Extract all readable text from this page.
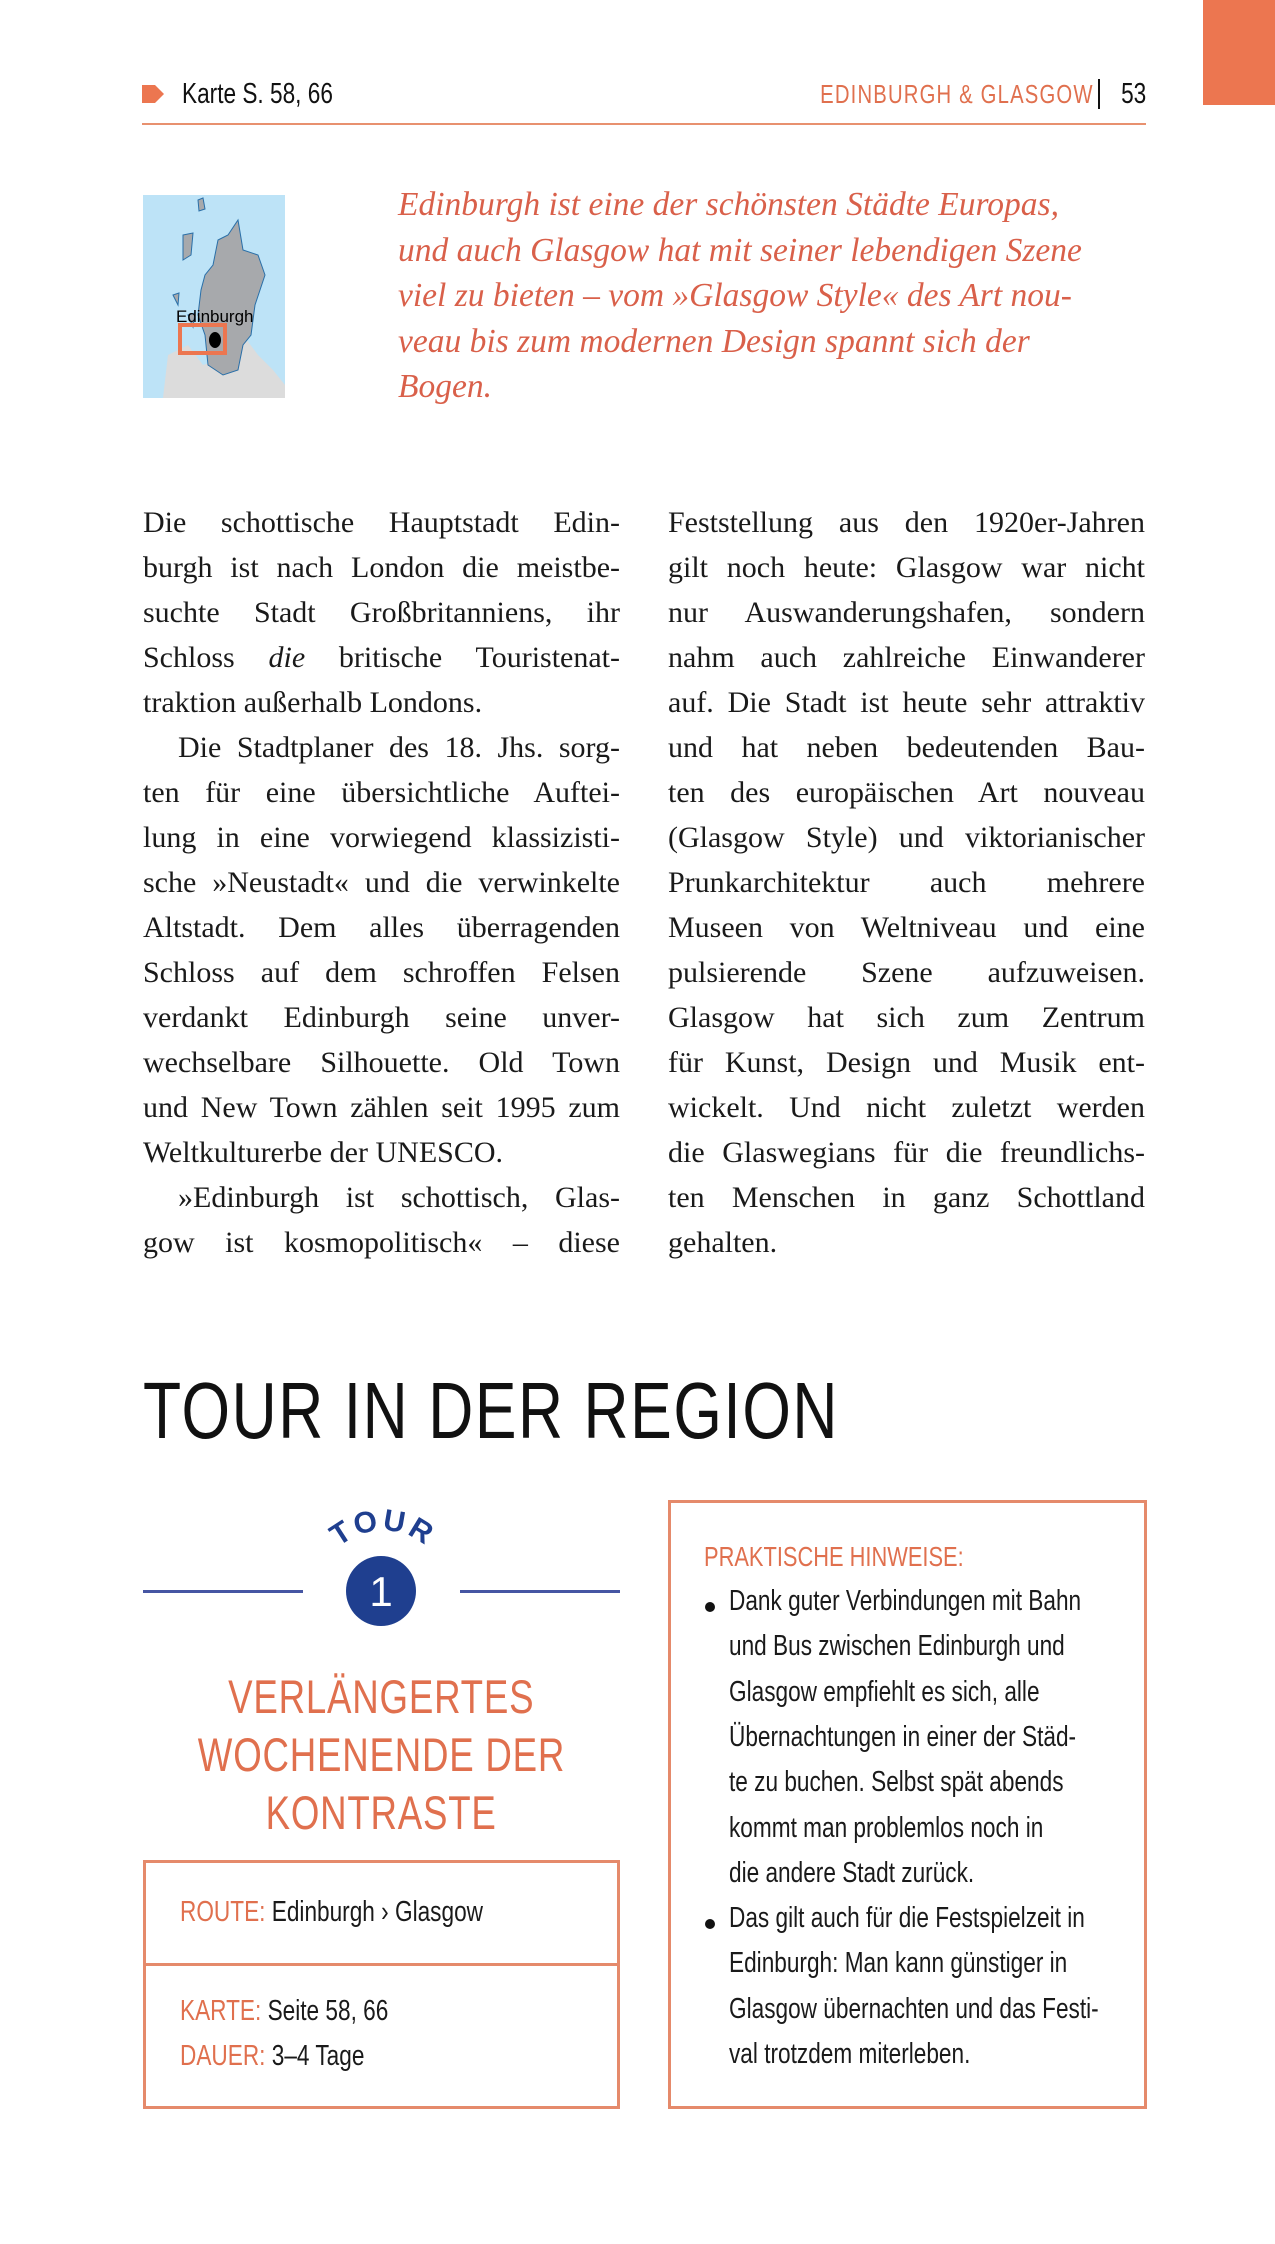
Karte S. 58, 66	EDINBURGH & GLASGOW 53
Edinburgh
Edinburgh ist eine der schönsten Städte Europas,
und auch Glasgow hat mit seiner lebendigen Szene
viel zu bieten – vom »Glasgow Style« des Art nou-
veau bis zum modernen Design spannt sich der
Bogen.
Die schottische Hauptstadt Edin-
burgh ist nach London die meistbe-
suchte Stadt Großbritanniens, ihr
Schloss die britische Touristenat-
traktion außerhalb Londons.
Die Stadtplaner des 18. Jhs. sorg-
ten für eine übersichtliche Auftei-
lung in eine vorwiegend klassizisti-
sche »Neustadt« und die verwinkelte
Altstadt. Dem alles überragenden
Schloss auf dem schroffen Felsen
verdankt Edinburgh seine unver-
wechselbare Silhouette. Old Town
und New Town zählen seit 1995 zum
Weltkulturerbe der UNESCO.
»Edinburgh ist schottisch, Glas-
gow ist kosmopolitisch« – diese
Feststellung aus den 1920er-Jahren
gilt noch heute: Glasgow war nicht
nur Auswanderungshafen, sondern
nahm auch zahlreiche Einwanderer
auf. Die Stadt ist heute sehr attraktiv
und hat neben bedeutenden Bau-
ten des europäischen Art nouveau
(Glasgow Style) und viktorianischer
Prunkarchitektur auch mehrere
Museen von Weltniveau und eine
pulsierende Szene aufzuweisen.
Glasgow hat sich zum Zentrum
für Kunst, Design und Musik ent-
wickelt. Und nicht zuletzt werden
die Glaswegians für die freundlichs-
ten Menschen in ganz Schottland
gehalten.
TOUR IN DER REGION
TOUR
1
VERLÄNGERTES
WOCHENENDE DER
KONTRASTE
ROUTE: Edinburgh › Glasgow
KARTE: Seite 58, 66
DAUER: 3–4 Tage
PRAKTISCHE HINWEISE:
Dank guter Verbindungen mit Bahn
und Bus zwischen Edinburgh und
Glasgow empfiehlt es sich, alle
Übernachtungen in einer der Städ-
te zu buchen. Selbst spät abends
kommt man problemlos noch in
die andere Stadt zurück.
Das gilt auch für die Festspielzeit in
Edinburgh: Man kann günstiger in
Glasgow übernachten und das Festi-
val trotzdem miterleben.
